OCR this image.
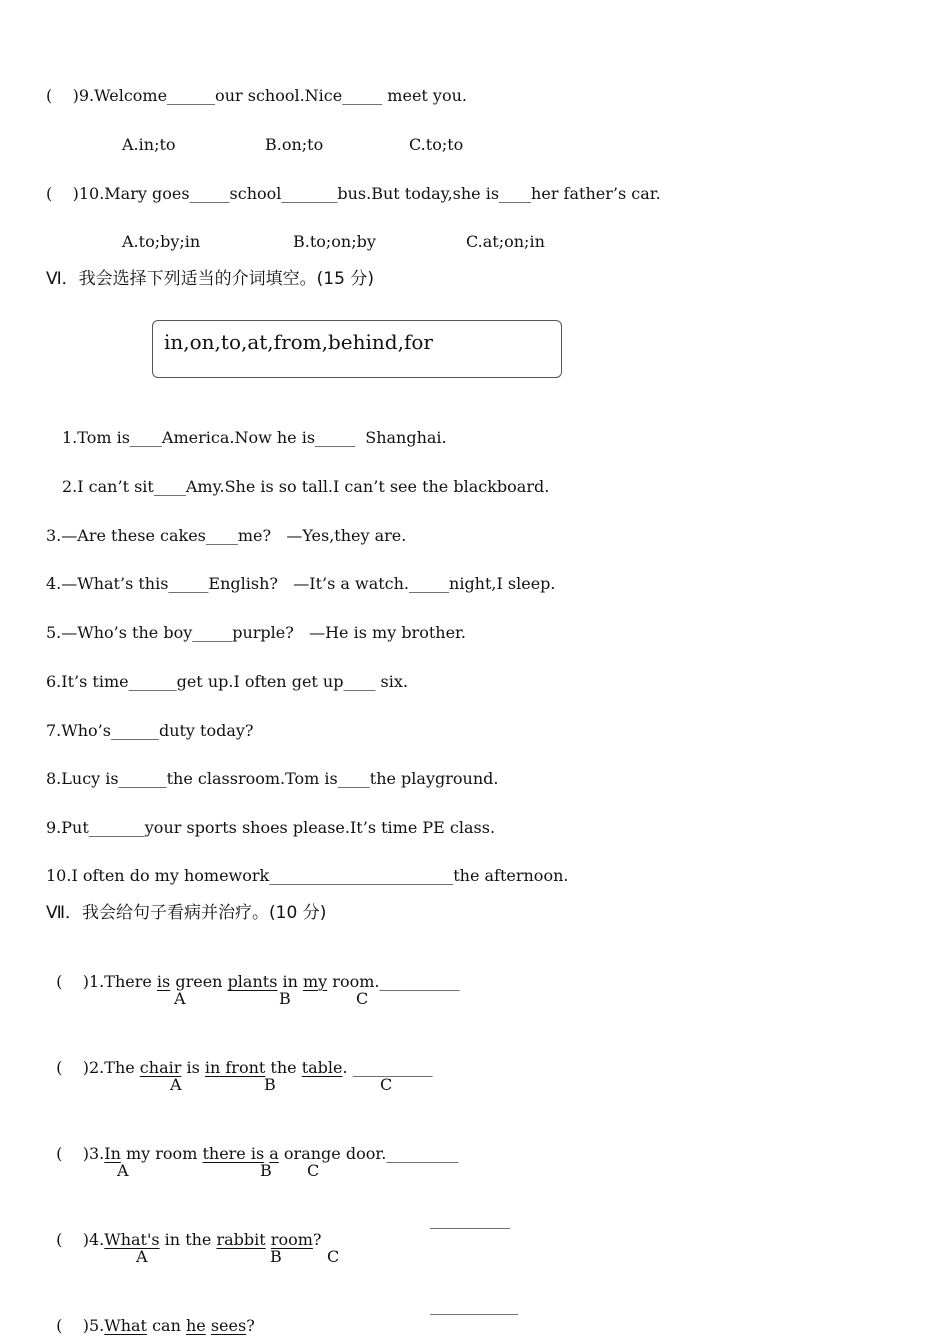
(    )9.Welcome______our school.Nice_____ meet you.
A.in;to	B.on;to	C.to;to
(    )10.Mary goes_____school_______bus.But today,she is____her father’s car.
A.to;by;in	B.to;on;by	C.at;on;in
Ⅵ．我会选择下列适当的介词填空。(15 分)
in,on,to,at,from,behind,for
1.Tom is____America.Now he is_____  Shanghai.
2.I can’t sit____Amy.She is so tall.I can’t see the blackboard.
3.—Are these cakes____me?   —Yes,they are.
4.—What’s this_____English?   —It’s a watch._____night,I sleep.
5.—Who’s the boy_____purple?   —He is my brother.
6.It’s time______get up.I often get up____ six.
7.Who’s______duty today?
8.Lucy is______the classroom.Tom is____the playground.
9.Put_______your sports shoes please.It’s time PE class.
10.I often do my homework_______________________the afternoon.
Ⅶ．我会给句子看病并治疗。(10 分)

(    )1.There is green plants in my room.__________

A	B	C

(    )2.The chair is in front the table. __________

A	B	C

(    )3.In my room there is a orange door._________

A	B C

(    )4.What's in the rabbit room?

__________
A	B	C

(    )5.What can he sees?

___________
